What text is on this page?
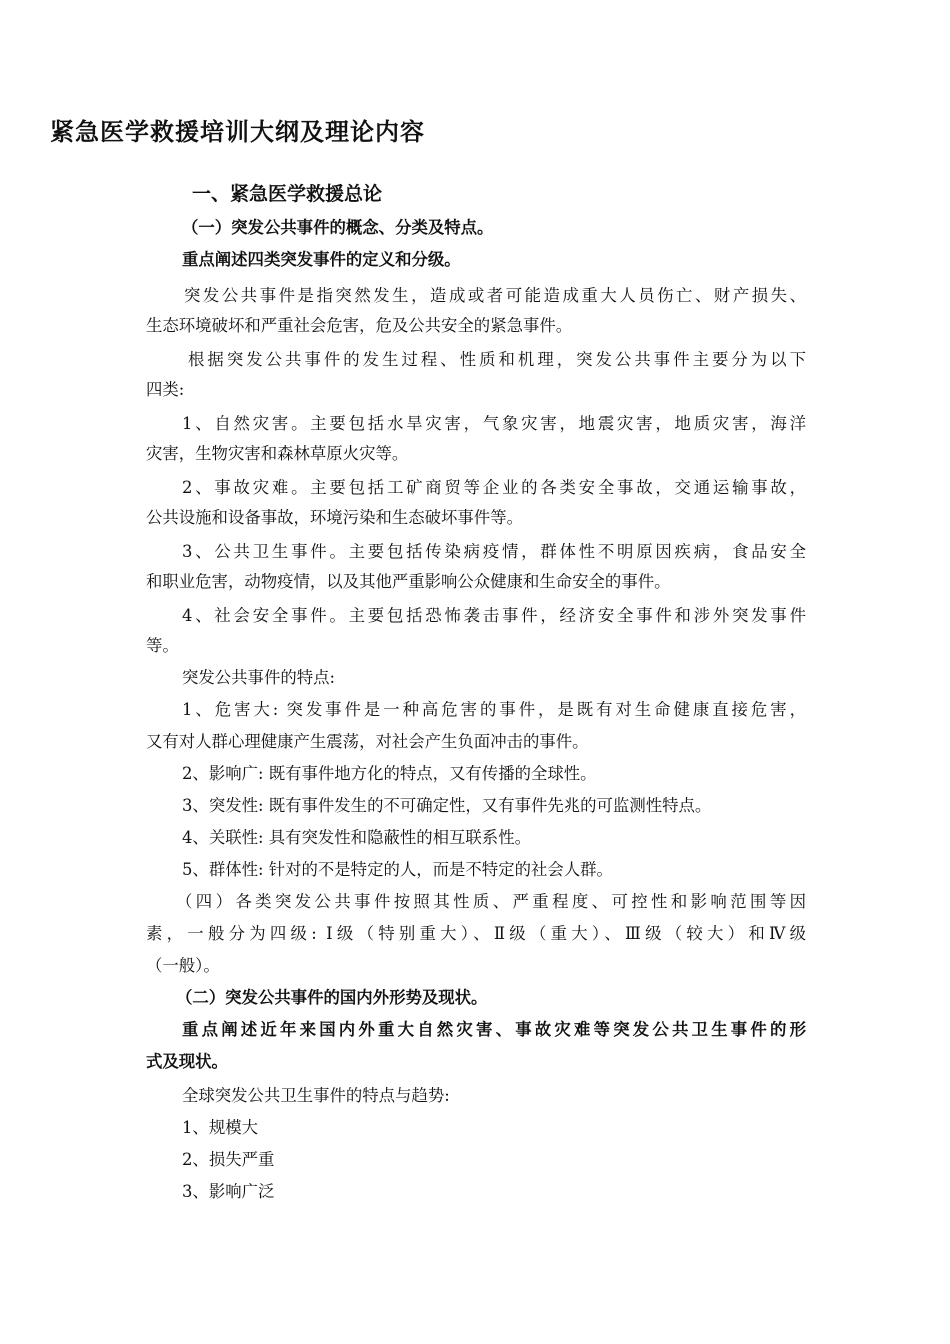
紧急医学救援培训大纲及理论内容
一、紧急医学救援总论
（一）突发公共事件的概念、分类及特点。
重点阐述四类突发事件的定义和分级。
突发公共事件是指突然发生，造成或者可能造成重大人员伤亡、财产损失、
生态环境破坏和严重社会危害，危及公共安全的紧急事件。
根据突发公共事件的发生过程、性质和机理，突发公共事件主要分为以下
四类:
1、自然灾害。主要包括水旱灾害，气象灾害，地震灾害，地质灾害，海洋
灾害，生物灾害和森林草原火灾等。
2、事故灾难。主要包括工矿商贸等企业的各类安全事故，交通运输事故，
公共设施和设备事故，环境污染和生态破坏事件等。
3、公共卫生事件。主要包括传染病疫情，群体性不明原因疾病，食品安全
和职业危害，动物疫情，以及其他严重影响公众健康和生命安全的事件。
4、社会安全事件。主要包括恐怖袭击事件，经济安全事件和涉外突发事件
等。
突发公共事件的特点:
1、危害大: 突发事件是一种高危害的事件，是既有对生命健康直接危害，
又有对人群心理健康产生震荡，对社会产生负面冲击的事件。
2、影响广: 既有事件地方化的特点，又有传播的全球性。
3、突发性: 既有事件发生的不可确定性，又有事件先兆的可监测性特点。
4、关联性: 具有突发性和隐蔽性的相互联系性。
5、群体性: 针对的不是特定的人，而是不特定的社会人群。
（四）各类突发公共事件按照其性质、严重程度、可控性和影响范围等因
素，一般分为四级: Ⅰ级（特别重大）、Ⅱ级（重大）、Ⅲ级（较大）和Ⅳ级
（一般）。
（二）突发公共事件的国内外形势及现状。
重点阐述近年来国内外重大自然灾害、事故灾难等突发公共卫生事件的形
式及现状。
全球突发公共卫生事件的特点与趋势:
1、规模大
2、损失严重
3、影响广泛
